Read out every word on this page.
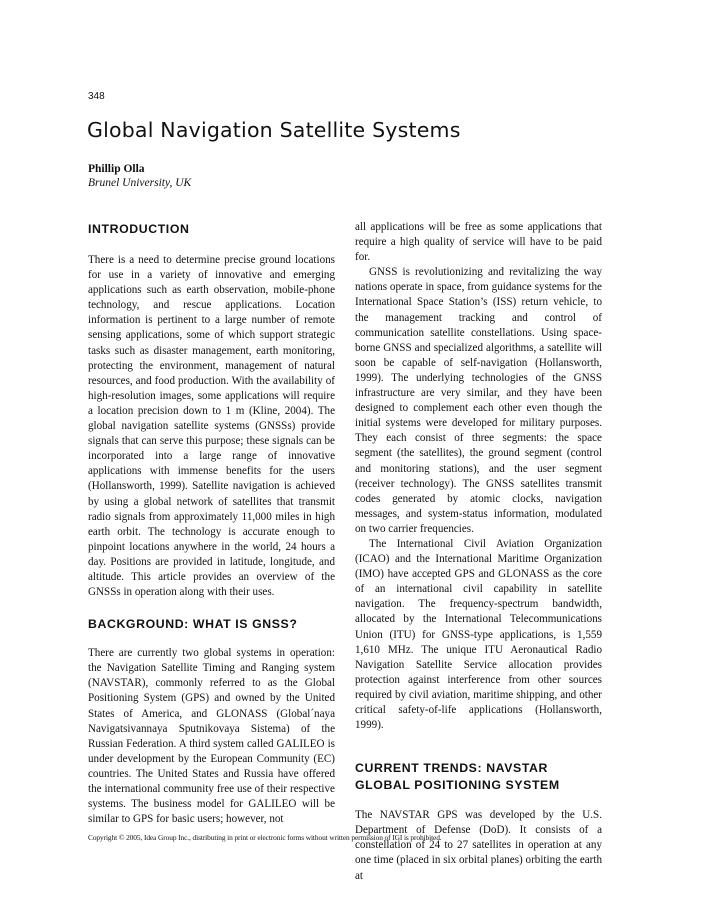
348
Global Navigation Satellite Systems
Phillip Olla
Brunel University, UK
INTRODUCTION

There is a need to determine precise ground locations for use in a variety of innovative and emerging applications such as earth observation, mobile-phone technology, and rescue applications. Location information is pertinent to a large number of remote sensing applications, some of which support strategic tasks such as disaster management, earth monitoring, protecting the environment, management of natural resources, and food production. With the availability of high-resolution images, some applications will require a location precision down to 1 m (Kline, 2004). The global navigation satellite systems (GNSSs) provide signals that can serve this purpose; these signals can be incorporated into a large range of innovative applications with immense benefits for the users (Hollansworth, 1999). Satellite navigation is achieved by using a global network of satellites that transmit radio signals from approximately 11,000 miles in high earth orbit. The technology is accurate enough to pinpoint locations anywhere in the world, 24 hours a day. Positions are provided in latitude, longitude, and altitude. This article provides an overview of the GNSSs in operation along with their uses.

BACKGROUND: WHAT IS GNSS?

There are currently two global systems in operation: the Navigation Satellite Timing and Ranging system (NAVSTAR), commonly referred to as the Global Positioning System (GPS) and owned by the United States of America, and GLONASS (Global´naya Navigatsivannaya Sputnikovaya Sistema) of the Russian Federation. A third system called GALILEO is under development by the European Community (EC) countries. The United States and Russia have offered the international community free use of their respective systems. The business model for GALILEO will be similar to GPS for basic users; however, not

all applications will be free as some applications that require a high quality of service will have to be paid for.

GNSS is revolutionizing and revitalizing the way nations operate in space, from guidance systems for the International Space Station’s (ISS) return vehicle, to the management tracking and control of communication satellite constellations. Using space-borne GNSS and specialized algorithms, a satellite will soon be capable of self-navigation (Hollansworth, 1999). The underlying technologies of the GNSS infrastructure are very similar, and they have been designed to complement each other even though the initial systems were developed for military purposes. They each consist of three segments: the space segment (the satellites), the ground segment (control and monitoring stations), and the user segment (receiver technology). The GNSS satellites transmit codes generated by atomic clocks, navigation messages, and system-status information, modulated on two carrier frequencies.

The International Civil Aviation Organization (ICAO) and the International Maritime Organization (IMO) have accepted GPS and GLONASS as the core of an international civil capability in satellite navigation. The frequency-spectrum bandwidth, allocated by the International Telecommunications Union (ITU) for GNSS-type applications, is 1,559 1,610 MHz. The unique ITU Aeronautical Radio Navigation Satellite Service allocation provides protection against interference from other sources required by civil aviation, maritime shipping, and other critical safety-of-life applications (Hollansworth, 1999).

CURRENT TRENDS: NAVSTAR
GLOBAL POSITIONING SYSTEM

The NAVSTAR GPS was developed by the U.S. Department of Defense (DoD). It consists of a constellation of 24 to 27 satellites in operation at any one time (placed in six orbital planes) orbiting the earth at

Copyright © 2005, Idea Group Inc., distributing in print or electronic forms without written permission of IGI is prohibited.
